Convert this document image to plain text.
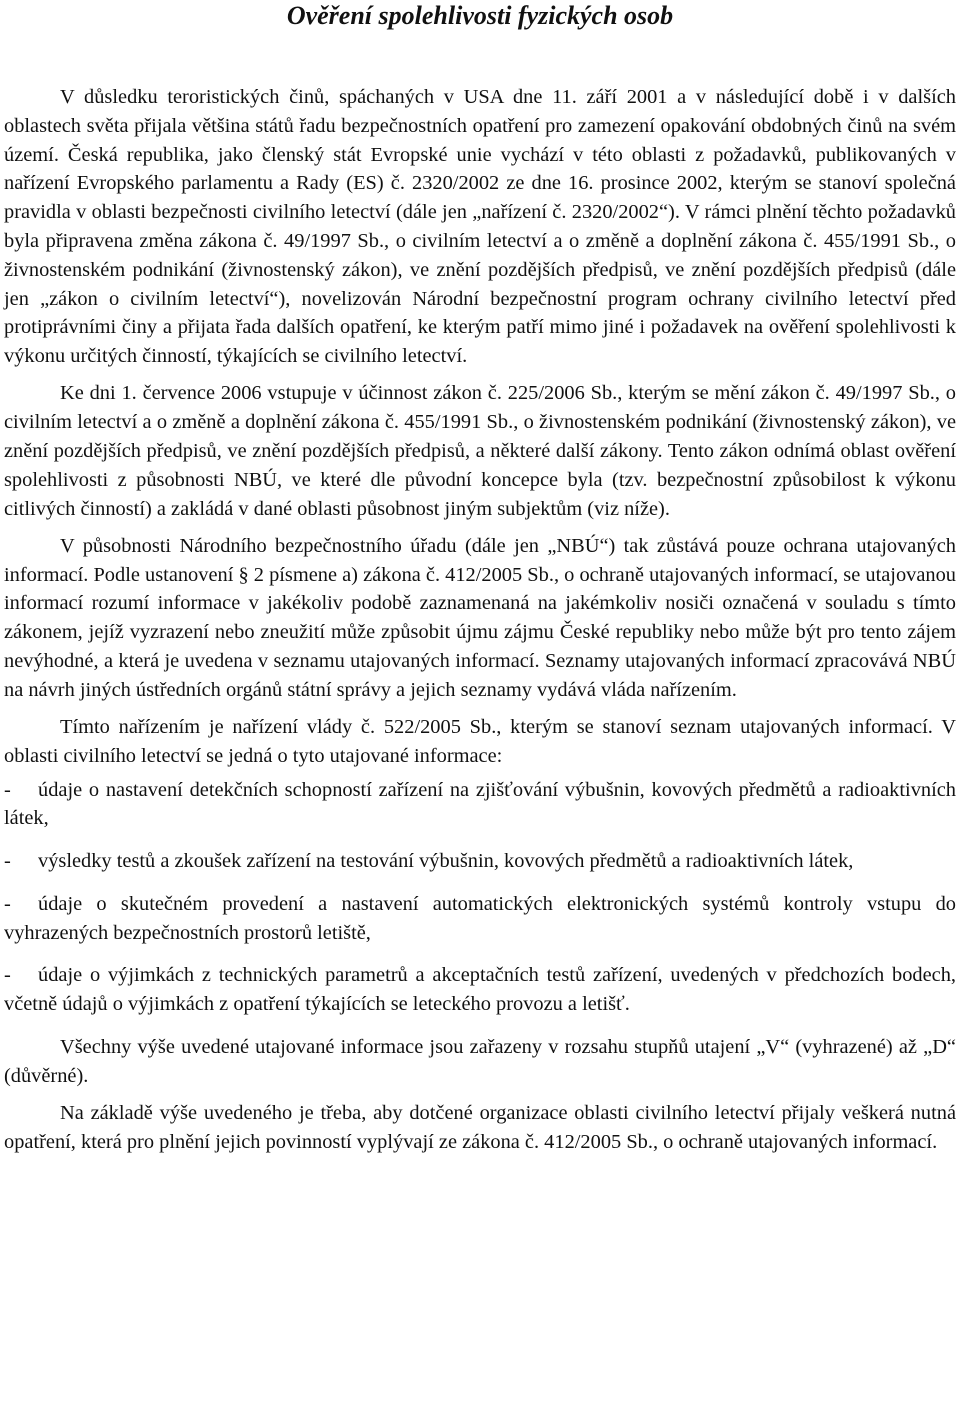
Ověření spolehlivosti fyzických osob

V důsledku teroristických činů, spáchaných v USA dne 11. září 2001 a v následující době i v dalších oblastech světa přijala většina států řadu bezpečnostních opatření pro zamezení opakování obdobných činů na svém území. Česká republika, jako členský stát Evropské unie vychází v této oblasti z požadavků, publikovaných v nařízení Evropského parlamentu a Rady (ES) č. 2320/2002 ze dne 16. prosince 2002, kterým se stanoví společná pravidla v oblasti bezpečnosti civilního letectví (dále jen „nařízení č. 2320/2002“). V rámci plnění těchto požadavků byla připravena změna zákona č. 49/1997 Sb., o civilním letectví a o změně a doplnění zákona č. 455/1991 Sb., o živnostenském podnikání (živnostenský zákon), ve znění pozdějších předpisů, ve znění pozdějších předpisů (dále jen „zákon o civilním letectví“), novelizován Národní bezpečnostní program ochrany civilního letectví před protiprávními činy a přijata řada dalších opatření, ke kterým patří mimo jiné i požadavek na ověření spolehlivosti k výkonu určitých činností, týkajících se civilního letectví.

Ke dni 1. července 2006 vstupuje v účinnost zákon č. 225/2006 Sb., kterým se mění zákon č. 49/1997 Sb., o civilním letectví a o změně a doplnění zákona č. 455/1991 Sb., o živnostenském podnikání (živnostenský zákon), ve znění pozdějších předpisů, ve znění pozdějších předpisů, a některé další zákony. Tento zákon odnímá oblast ověření spolehlivosti z působnosti NBÚ, ve které dle původní koncepce byla (tzv. bezpečnostní způsobilost k výkonu citlivých činností) a zakládá v dané oblasti působnost jiným subjektům (viz níže).

V působnosti Národního bezpečnostního úřadu (dále jen „NBÚ“) tak zůstává pouze ochrana utajovaných informací. Podle ustanovení § 2 písmene a) zákona č. 412/2005 Sb., o ochraně utajovaných informací, se utajovanou informací rozumí informace v jakékoliv podobě zaznamenaná na jakémkoliv nosiči označená v souladu s tímto zákonem, jejíž vyzrazení nebo zneužití může způsobit újmu zájmu České republiky nebo může být pro tento zájem nevýhodné, a která je uvedena v seznamu utajovaných informací. Seznamy utajovaných informací zpracovává NBÚ na návrh jiných ústředních orgánů státní správy a jejich seznamy vydává vláda nařízením.

Tímto nařízením je nařízení vlády č. 522/2005 Sb., kterým se stanoví seznam utajovaných informací. V oblasti civilního letectví se jedná o tyto utajované informace:

- údaje o nastavení detekčních schopností zařízení na zjišťování výbušnin, kovových předmětů a radioaktivních látek,
- výsledky testů a zkoušek zařízení na testování výbušnin, kovových předmětů a radioaktivních látek,
- údaje o skutečném provedení a nastavení automatických elektronických systémů kontroly vstupu do vyhrazených bezpečnostních prostorů letiště,
- údaje o výjimkách z technických parametrů a akceptačních testů zařízení, uvedených v předchozích bodech, včetně údajů o výjimkách z opatření týkajících se leteckého provozu a letišť.

Všechny výše uvedené utajované informace jsou zařazeny v rozsahu stupňů utajení „V“ (vyhrazené) až „D“ (důvěrné).

Na základě výše uvedeného je třeba, aby dotčené organizace oblasti civilního letectví přijaly veškerá nutná opatření, která pro plnění jejich povinností vyplývají ze zákona č. 412/2005 Sb., o ochraně utajovaných informací.
